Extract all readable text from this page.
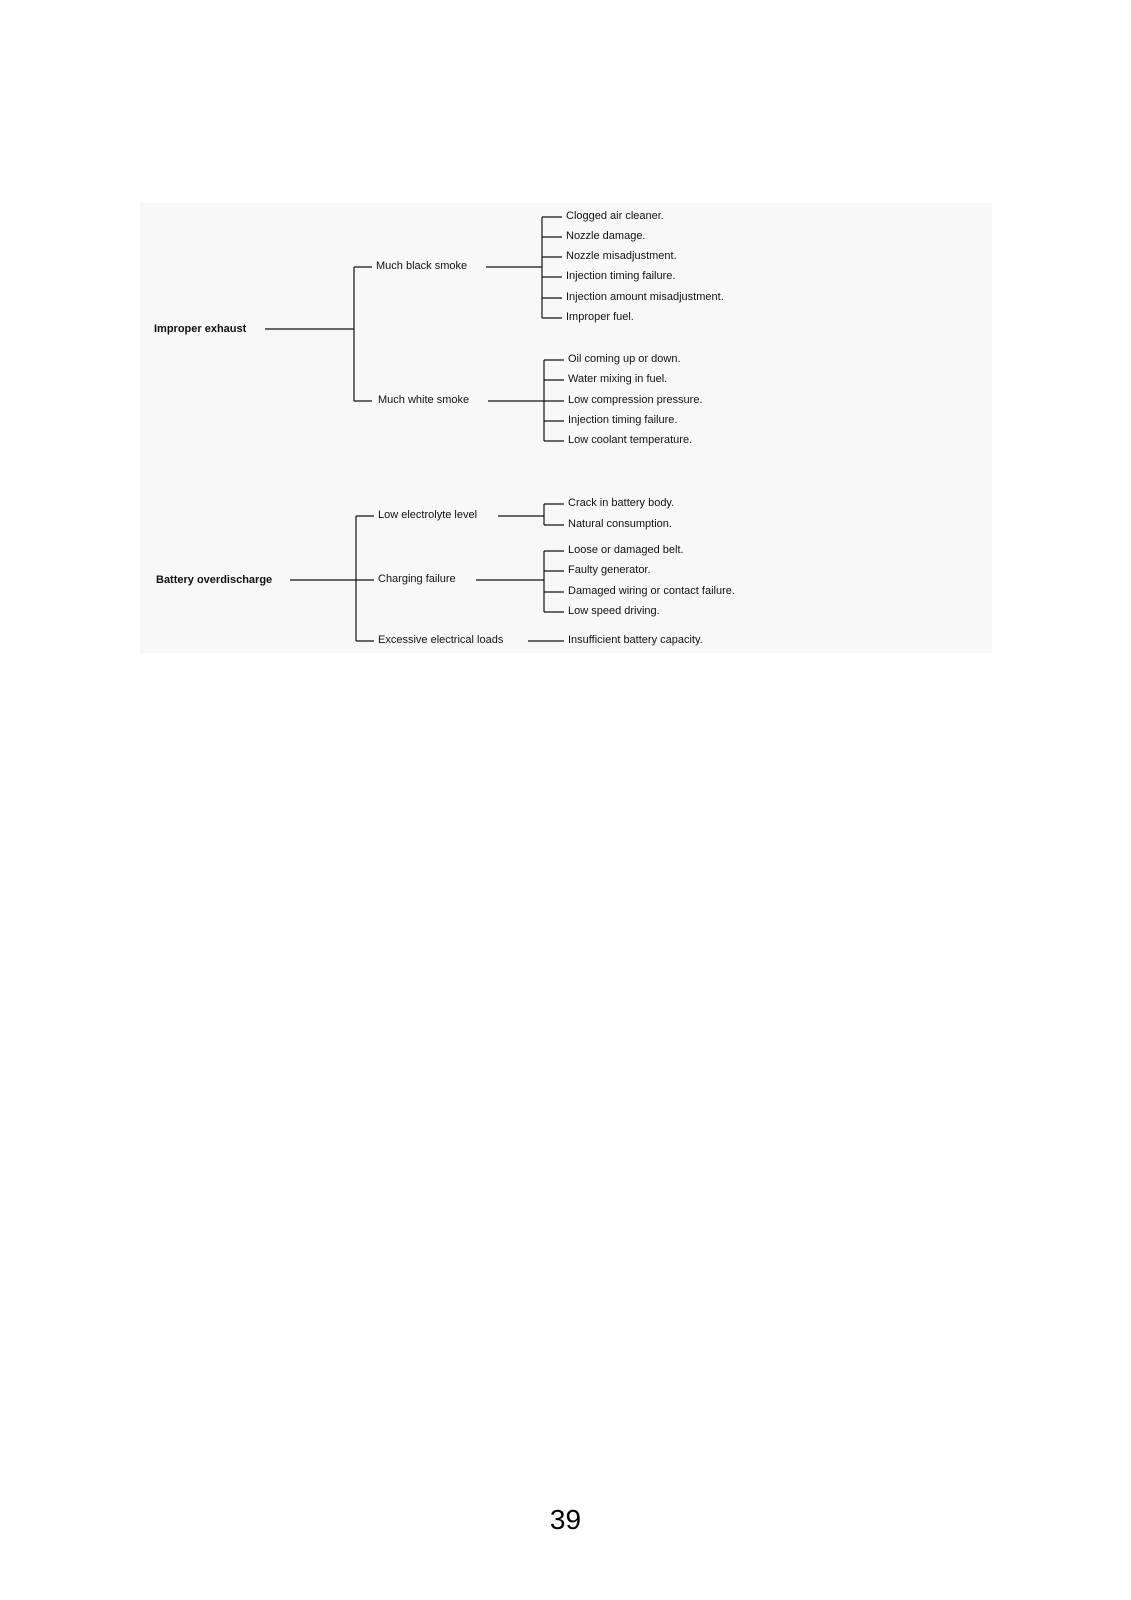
Improper exhaust
Much black smoke
Much white smoke
Clogged air cleaner.
Nozzle damage.
Nozzle misadjustment.
Injection timing failure.
Injection amount misadjustment.
Improper fuel.
Oil coming up or down.
Water mixing in fuel.
Low compression pressure.
Injection timing failure.
Low coolant temperature.
Battery overdischarge
Low electrolyte level
Charging failure
Excessive electrical loads
Crack in battery body.
Natural consumption.
Loose or damaged belt.
Faulty generator.
Damaged wiring or contact failure.
Low speed driving.
Insufficient battery capacity.
39
